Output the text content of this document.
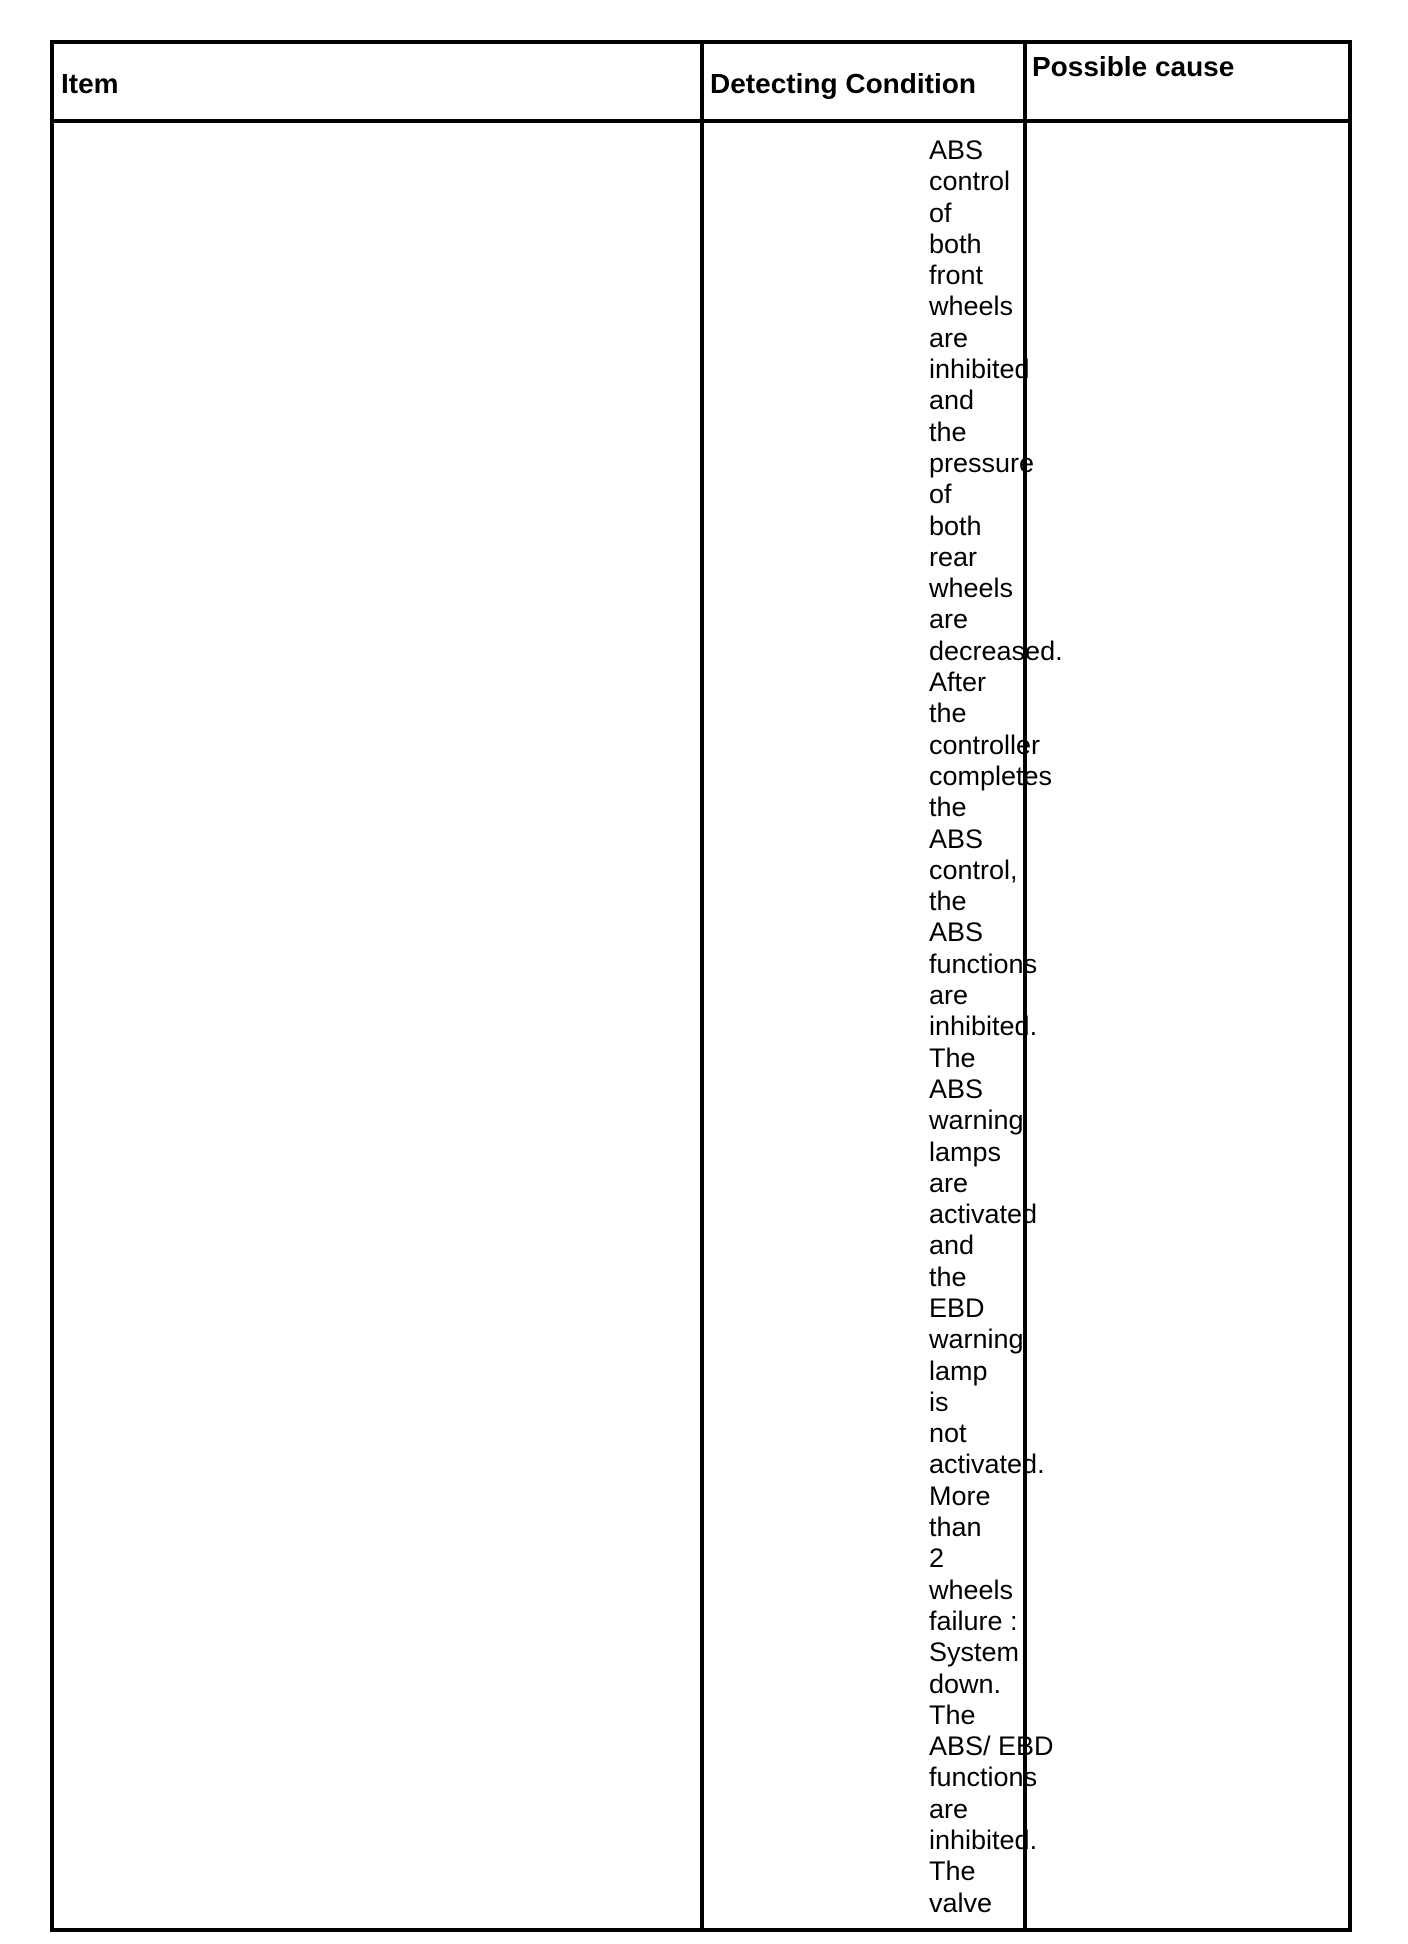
Item	Detecting Condition
Possible cause
ABS
control
of
both
front
wheels
are
inhibited
and
the
pressure
of
both
rear
wheels
are
decreased.
After
the
controller
completes
the
ABS
control,
the
ABS
functions
are
inhibited.
The
ABS
warning
lamps
are
activated
and
the
EBD
warning
lamp
is
not
activated.
More
than
2
wheels
failure :
System
down.
The
ABS/ EBD
functions
are
inhibited.
The
valve
